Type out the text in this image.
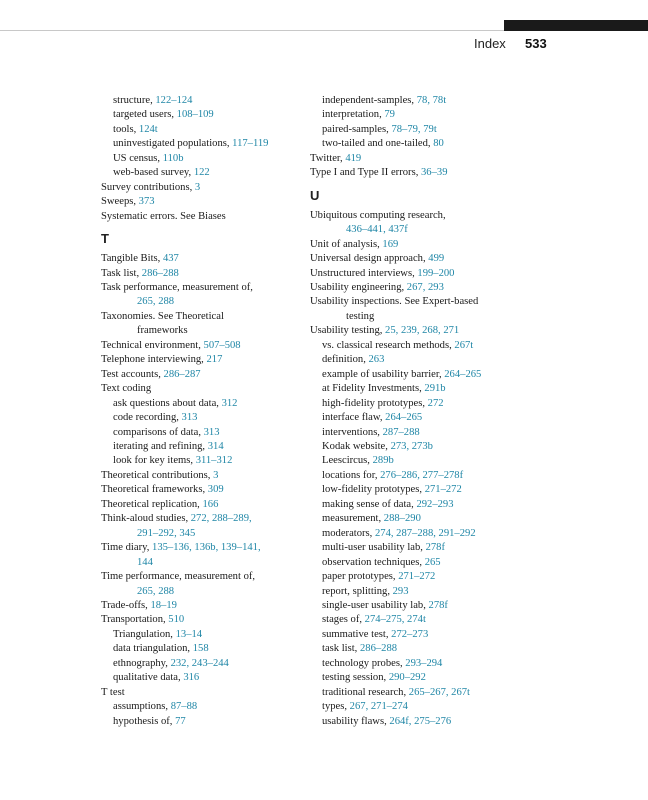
Index 533
structure, 122–124
targeted users, 108–109
tools, 124t
uninvestigated populations, 117–119
US census, 110b
web-based survey, 122
Survey contributions, 3
Sweeps, 373
Systematic errors. See Biases
T
Tangible Bits, 437
Task list, 286–288
Task performance, measurement of,
265, 288
Taxonomies. See Theoretical
frameworks
Technical environment, 507–508
Telephone interviewing, 217
Test accounts, 286–287
Text coding
ask questions about data, 312
code recording, 313
comparisons of data, 313
iterating and refining, 314
look for key items, 311–312
Theoretical contributions, 3
Theoretical frameworks, 309
Theoretical replication, 166
Think-aloud studies, 272, 288–289,
291–292, 345
Time diary, 135–136, 136b, 139–141,
144
Time performance, measurement of,
265, 288
Trade-offs, 18–19
Transportation, 510
Triangulation, 13–14
data triangulation, 158
ethnography, 232, 243–244
qualitative data, 316
T test
assumptions, 87–88
hypothesis of, 77
independent-samples, 78, 78t
interpretation, 79
paired-samples, 78–79, 79t
two-tailed and one-tailed, 80
Twitter, 419
Type I and Type II errors, 36–39
U
Ubiquitous computing research,
436–441, 437f
Unit of analysis, 169
Universal design approach, 499
Unstructured interviews, 199–200
Usability engineering, 267, 293
Usability inspections. See Expert-based
testing
Usability testing, 25, 239, 268, 271
vs. classical research methods, 267t
definition, 263
example of usability barrier, 264–265
at Fidelity Investments, 291b
high-fidelity prototypes, 272
interface flaw, 264–265
interventions, 287–288
Kodak website, 273, 273b
Leescircus, 289b
locations for, 276–286, 277–278f
low-fidelity prototypes, 271–272
making sense of data, 292–293
measurement, 288–290
moderators, 274, 287–288, 291–292
multi-user usability lab, 278f
observation techniques, 265
paper prototypes, 271–272
report, splitting, 293
single-user usability lab, 278f
stages of, 274–275, 274t
summative test, 272–273
task list, 286–288
technology probes, 293–294
testing session, 290–292
traditional research, 265–267, 267t
types, 267, 271–274
usability flaws, 264f, 275–276
